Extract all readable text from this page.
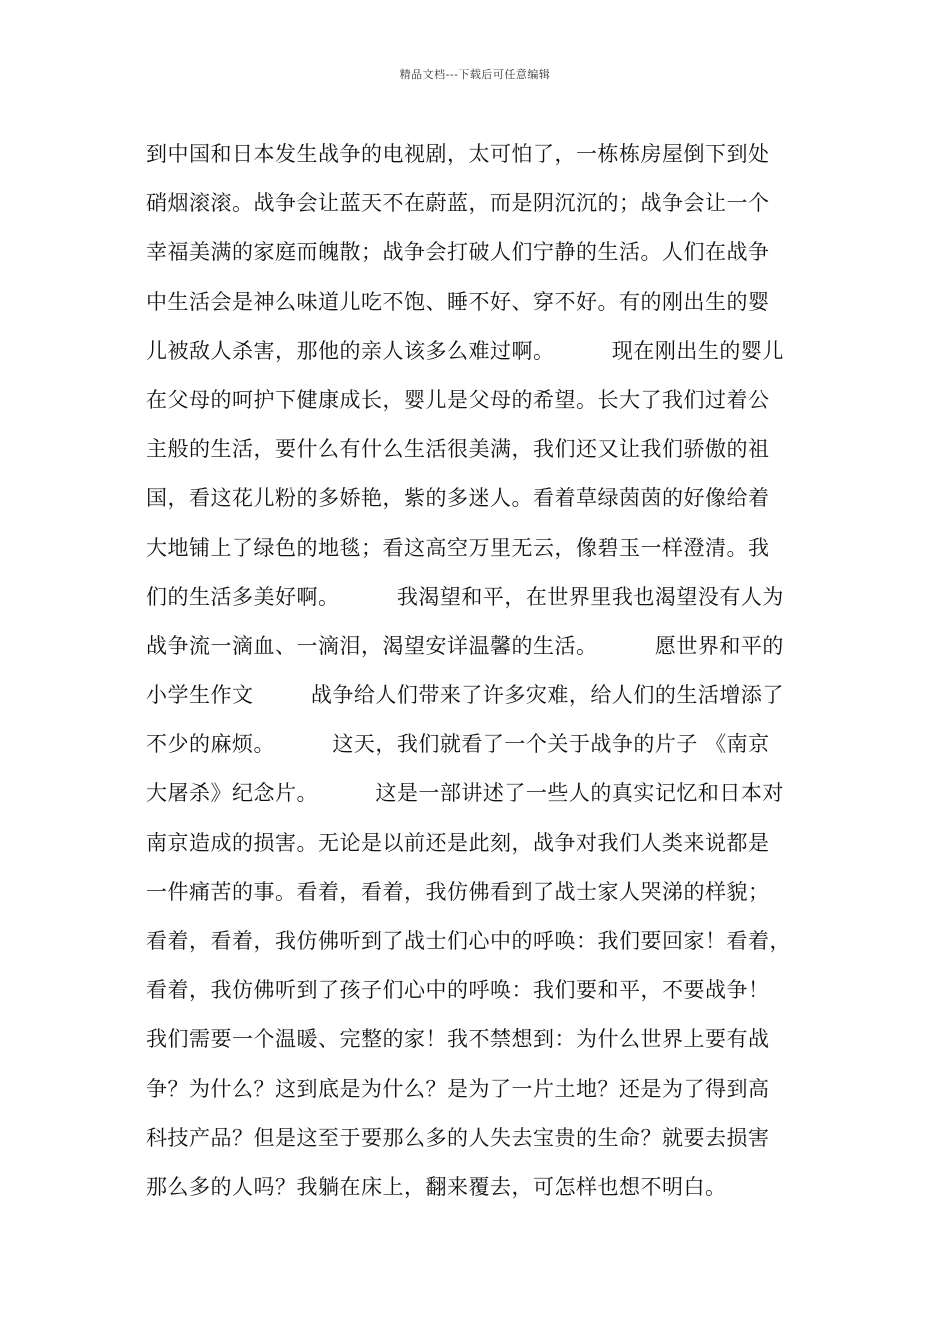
精品文档---下载后可任意编辑
到中国和日本发生战争的电视剧，太可怕了，一栋栋房屋倒下到处
硝烟滚滚。战争会让蓝天不在蔚蓝，而是阴沉沉的；战争会让一个
幸福美满的家庭而魄散；战争会打破人们宁静的生活。人们在战争
中生活会是神么味道儿吃不饱、睡不好、穿不好。有的刚出生的婴
儿被敌人杀害，那他的亲人该多么难过啊。        现在刚出生的婴儿
在父母的呵护下健康成长，婴儿是父母的希望。长大了我们过着公
主般的生活，要什么有什么生活很美满，我们还又让我们骄傲的祖
国，看这花儿粉的多娇艳，紫的多迷人。看着草绿茵茵的好像给着
大地铺上了绿色的地毯；看这高空万里无云，像碧玉一样澄清。我
们的生活多美好啊。        我渴望和平，在世界里我也渴望没有人为
战争流一滴血、一滴泪，渴望安详温馨的生活。        愿世界和平的
小学生作文        战争给人们带来了许多灾难，给人们的生活增添了
不少的麻烦。        这天，我们就看了一个关于战争的片子 《南京
大屠杀》纪念片。        这是一部讲述了一些人的真实记忆和日本对
南京造成的损害。无论是以前还是此刻，战争对我们人类来说都是
一件痛苦的事。看着，看着，我仿佛看到了战士家人哭涕的样貌；
看着，看着，我仿佛听到了战士们心中的呼唤：我们要回家！看着，
看着，我仿佛听到了孩子们心中的呼唤：我们要和平，不要战争！
我们需要一个温暖、完整的家！我不禁想到：为什么世界上要有战
争？为什么？这到底是为什么？是为了一片土地？还是为了得到高
科技产品？但是这至于要那么多的人失去宝贵的生命？就要去损害
那么多的人吗？我躺在床上，翻来覆去，可怎样也想不明白。
